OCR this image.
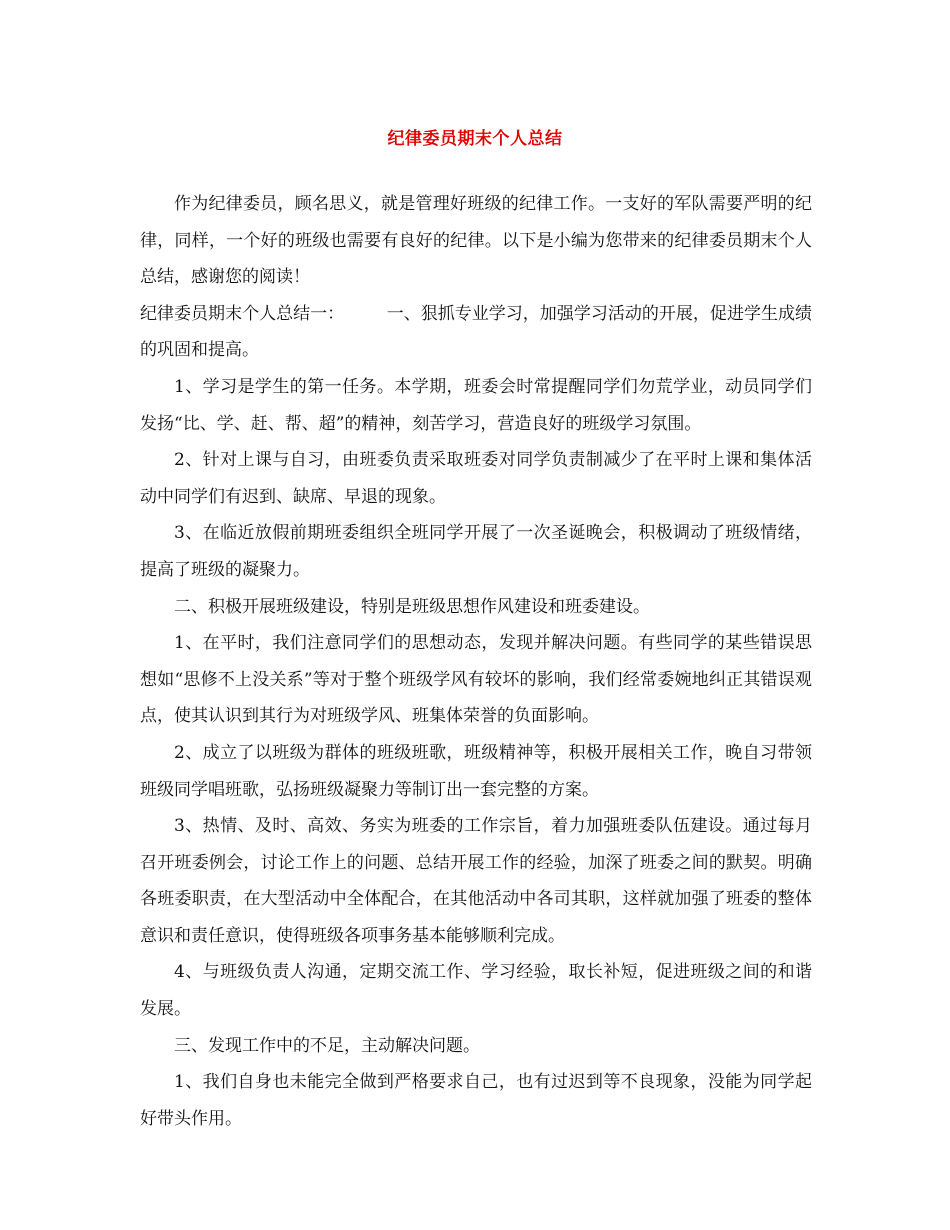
纪律委员期末个人总结

作为纪律委员，顾名思义，就是管理好班级的纪律工作。一支好的军队需要严明的纪律，同样，一个好的班级也需要有良好的纪律。以下是小编为您带来的纪律委员期末个人总结，感谢您的阅读！

纪律委员期末个人总结一：　　　一、狠抓专业学习，加强学习活动的开展，促进学生成绩的巩固和提高。

1、学习是学生的第一任务。本学期，班委会时常提醒同学们勿荒学业，动员同学们发扬“比、学、赶、帮、超”的精神，刻苦学习，营造良好的班级学习氛围。

2、针对上课与自习，由班委负责采取班委对同学负责制减少了在平时上课和集体活动中同学们有迟到、缺席、早退的现象。

3、在临近放假前期班委组织全班同学开展了一次圣诞晚会，积极调动了班级情绪，提高了班级的凝聚力。

二、积极开展班级建设，特别是班级思想作风建设和班委建设。

1、在平时，我们注意同学们的思想动态，发现并解决问题。有些同学的某些错误思想如“思修不上没关系”等对于整个班级学风有较坏的影响，我们经常委婉地纠正其错误观点，使其认识到其行为对班级学风、班集体荣誉的负面影响。

2、成立了以班级为群体的班级班歌，班级精神等，积极开展相关工作，晚自习带领班级同学唱班歌，弘扬班级凝聚力等制订出一套完整的方案。

3、热情、及时、高效、务实为班委的工作宗旨，着力加强班委队伍建设。通过每月召开班委例会，讨论工作上的问题、总结开展工作的经验，加深了班委之间的默契。明确各班委职责，在大型活动中全体配合，在其他活动中各司其职，这样就加强了班委的整体意识和责任意识，使得班级各项事务基本能够顺利完成。

4、与班级负责人沟通，定期交流工作、学习经验，取长补短，促进班级之间的和谐发展。

三、发现工作中的不足，主动解决问题。

1、我们自身也未能完全做到严格要求自己，也有过迟到等不良现象，没能为同学起好带头作用。
